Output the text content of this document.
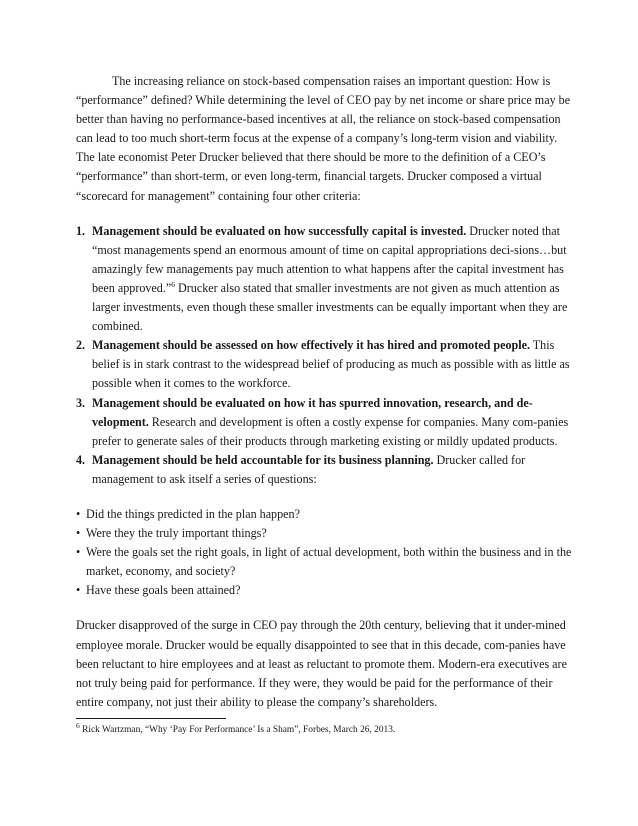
The increasing reliance on stock-based compensation raises an important question: How is “performance” defined? While determining the level of CEO pay by net income or share price may be better than having no performance-based incentives at all, the reliance on stock-based compensation can lead to too much short-term focus at the expense of a company’s long-term vision and viability. The late economist Peter Drucker believed that there should be more to the definition of a CEO’s “performance” than short-term, or even long-term, financial targets. Drucker composed a virtual “scorecard for management” containing four other criteria:

1. Management should be evaluated on how successfully capital is invested. Drucker noted that “most managements spend an enormous amount of time on capital appropriations deci-sions…but amazingly few managements pay much attention to what happens after the capital investment has been approved.”$^6$ Drucker also stated that smaller investments are not given as much attention as larger investments, even though these smaller investments can be equally important when they are combined.
2. Management should be assessed on how effectively it has hired and promoted people. This belief is in stark contrast to the widespread belief of producing as much as possible with as little as possible when it comes to the workforce.
3. Management should be evaluated on how it has spurred innovation, research, and de-velopment. Research and development is often a costly expense for companies. Many com-panies prefer to generate sales of their products through marketing existing or mildly updated products.
4. Management should be held accountable for its business planning. Drucker called for management to ask itself a series of questions:
• Did the things predicted in the plan happen?
• Were they the truly important things?
• Were the goals set the right goals, in light of actual development, both within the business and in the market, economy, and society?
• Have these goals been attained?

Drucker disapproved of the surge in CEO pay through the 20th century, believing that it under-mined employee morale. Drucker would be equally disappointed to see that in this decade, com-panies have been reluctant to hire employees and at least as reluctant to promote them. Modern-era executives are not truly being paid for performance. If they were, they would be paid for the performance of their entire company, not just their ability to please the company’s shareholders.

$^6$ Rick Wartzman, “Why ‘Pay For Performance’ Is a Sham”, Forbes, March 26, 2013.
